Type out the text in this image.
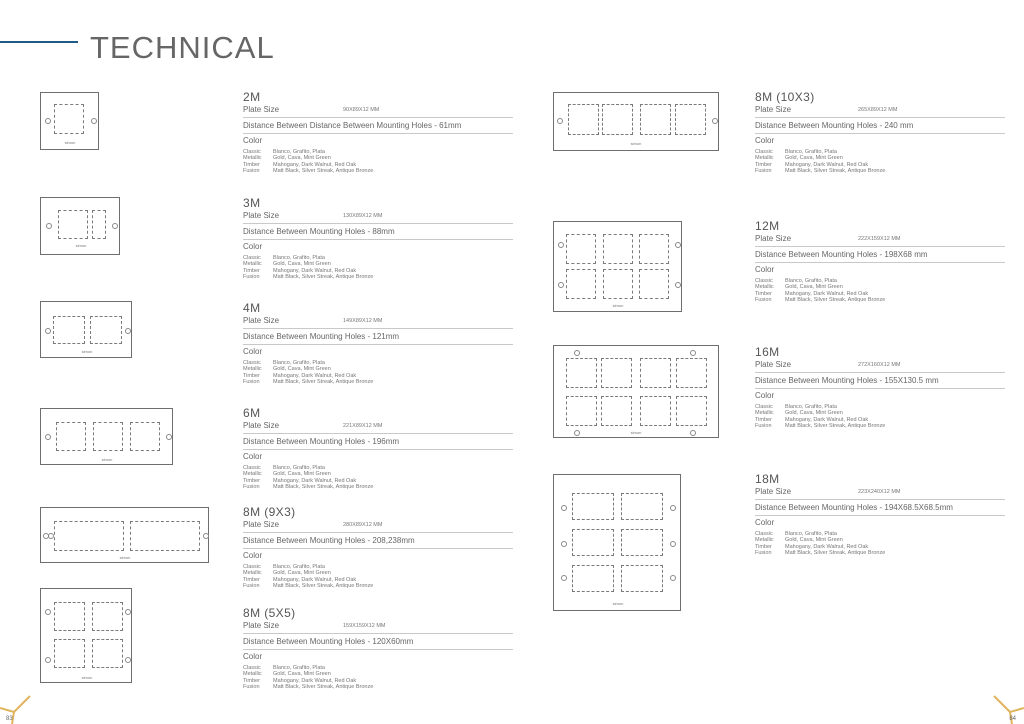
TECHNICAL
simon
simon
simon
simon
simon
simon
simon
simon
simon
simon
2M
Plate Size	90X89X12 MM
Distance Between Distance Between Mounting Holes - 61mm
Color
Classic Blanco, Grafito, Plata
Metallic Gold, Cava, Mint Green
Timber Mahogany, Dark Walnut, Red Oak
Fusion Matt Black, Silver Streak, Antique Bronze
3M
Plate Size	130X89X12 MM
Distance Between Mounting Holes - 88mm
Color
Classic Blanco, Grafito, Plata
Metallic Gold, Cava, Mint Green
Timber Mahogany, Dark Walnut, Red Oak
Fusion Matt Black, Silver Streak, Antique Bronze
4M
Plate Size	149X89X12 MM
Distance Between Mounting Holes - 121mm
Color
Classic Blanco, Grafito, Plata
Metallic Gold, Cava, Mint Green
Timber Mahogany, Dark Walnut, Red Oak
Fusion Matt Black, Silver Streak, Antique Bronze
6M
Plate Size	221X89X12 MM
Distance Between Mounting Holes - 196mm
Color
Classic Blanco, Grafito, Plata
Metallic Gold, Cava, Mint Green
Timber Mahogany, Dark Walnut, Red Oak
Fusion Matt Black, Silver Streak, Antique Bronze
8M (9X3)
Plate Size	280X89X12 MM
Distance Between Mounting Holes - 208,238mm
Color
Classic Blanco, Grafito, Plata
Metallic Gold, Cava, Mint Green
Timber Mahogany, Dark Walnut, Red Oak
Fusion Matt Black, Silver Streak, Antique Bronze
8M (5X5)
Plate Size	159X159X12 MM
Distance Between Mounting Holes - 120X60mm
Color
Classic Blanco, Grafito, Plata
Metallic Gold, Cava, Mint Green
Timber Mahogany, Dark Walnut, Red Oak
Fusion Matt Black, Silver Streak, Antique Bronze
8M (10X3)
Plate Size	265X89X12 MM
Distance Between Mounting Holes - 240 mm
Color
Classic Blanco, Grafito, Plata
Metallic Gold, Cava, Mint Green
Timber Mahogany, Dark Walnut, Red Oak
Fusion Matt Black, Silver Streak, Antique Bronze
12M
Plate Size	222X159X12 MM
Distance Between Mounting Holes - 198X68 mm
Color
Classic Blanco, Grafito, Plata
Metallic Gold, Cava, Mint Green
Timber Mahogany, Dark Walnut, Red Oak
Fusion Matt Black, Silver Streak, Antique Bronze
16M
Plate Size	272X160X12 MM
Distance Between Mounting Holes - 155X130.5 mm
Color
Classic Blanco, Grafito, Plata
Metallic Gold, Cava, Mint Green
Timber Mahogany, Dark Walnut, Red Oak
Fusion Matt Black, Silver Streak, Antique Bronze
18M
Plate Size	223X240X12 MM
Distance Between Mounting Holes - 194X68.5X68.5mm
Color
Classic Blanco, Grafito, Plata
Metallic Gold, Cava, Mint Green
Timber Mahogany, Dark Walnut, Red Oak
Fusion Matt Black, Silver Streak, Antique Bronze
83	84
